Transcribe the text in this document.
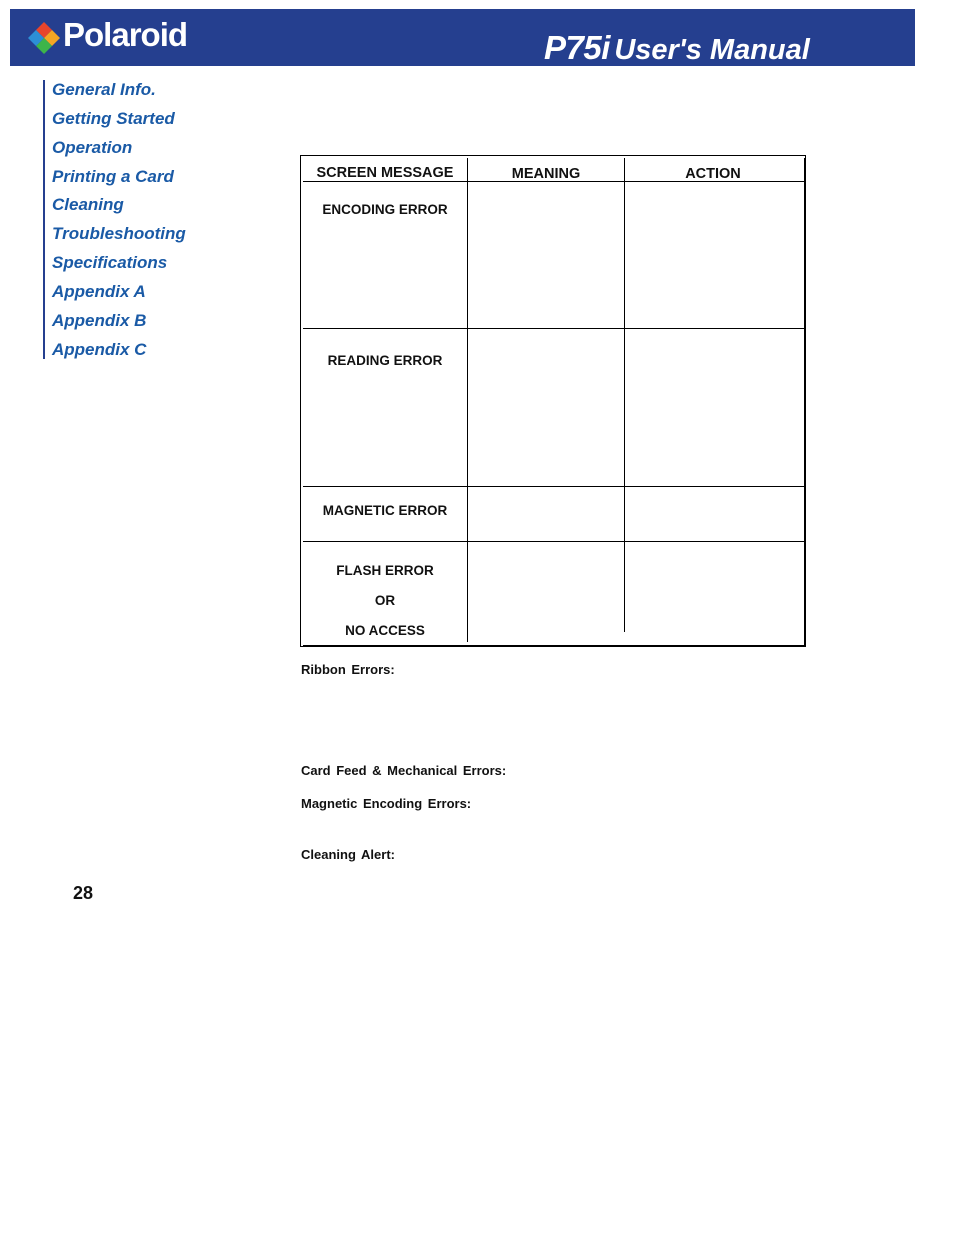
Polaroid	P75i User's Manual
General Info.
Getting Started
Operation
Printing a Card
Cleaning
Troubleshooting
Specifications
Appendix A
Appendix B
Appendix C
SCREEN MESSAGE	MEANING	ACTION
ENCODING ERROR
READING ERROR
MAGNETIC ERROR
FLASH ERROR
OR
NO ACCESS
Ribbon Errors:
Card Feed & Mechanical Errors:
Magnetic Encoding Errors:
Cleaning Alert:
28
